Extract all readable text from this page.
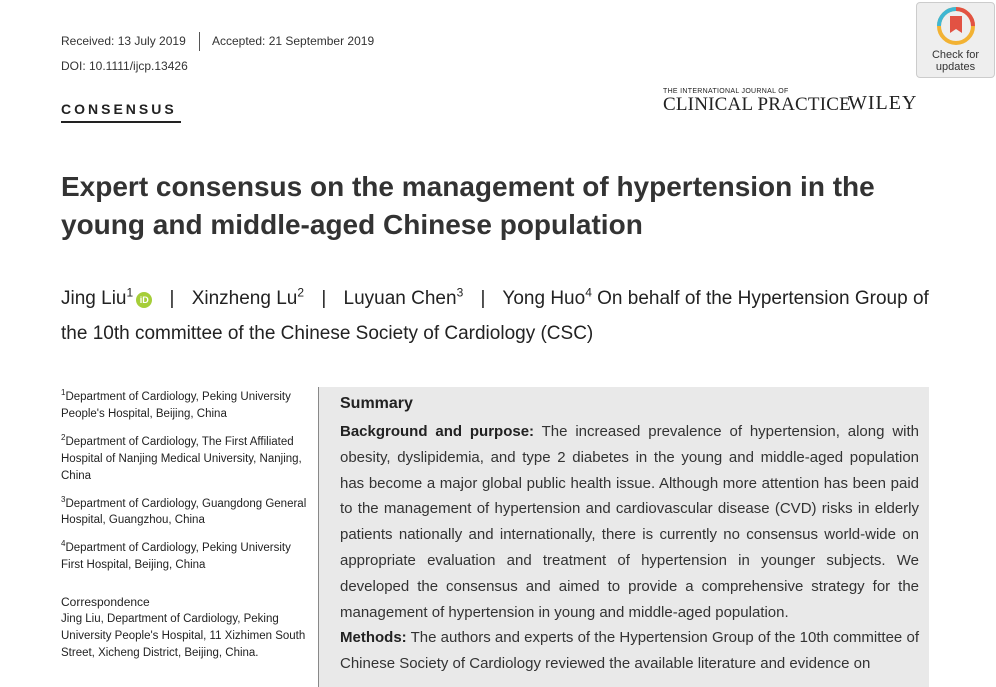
Received: 13 July 2019 Accepted: 21 September 2019
DOI: 10.1111/ijcp.13426
CONSENSUS
THE INTERNATIONAL JOURNAL OF
CLINICAL PRACTICE
WILEY
Check for
updates
Expert consensus on the management of hypertension in the young and middle-aged Chinese population

Jing Liu$^1$iD | Xinzheng Lu$^2$ | Luyuan Chen$^3$ | Yong Huo$^4$ On behalf of the Hypertension Group of the 10th committee of the Chinese Society of Cardiology (CSC)

$^1$Department of Cardiology, Peking University People's Hospital, Beijing, China

$^2$Department of Cardiology, The First Affiliated Hospital of Nanjing Medical University, Nanjing, China

$^3$Department of Cardiology, Guangdong General Hospital, Guangzhou, China

$^4$Department of Cardiology, Peking University First Hospital, Beijing, China

Correspondence
Jing Liu, Department of Cardiology, Peking University People's Hospital, 11 Xizhimen South Street, Xicheng District, Beijing, China.
Summary

Background and purpose: The increased prevalence of hypertension, along with obesity, dyslipidemia, and type 2 diabetes in the young and middle-aged population has become a major global public health issue. Although more attention has been paid to the management of hypertension and cardiovascular disease (CVD) risks in elderly patients nationally and internationally, there is currently no consensus world-wide on appropriate evaluation and treatment of hypertension in younger subjects. We developed the consensus and aimed to provide a comprehensive strategy for the management of hypertension in young and middle-aged population.
Methods: The authors and experts of the Hypertension Group of the 10th committee of Chinese Society of Cardiology reviewed the available literature and evidence on
